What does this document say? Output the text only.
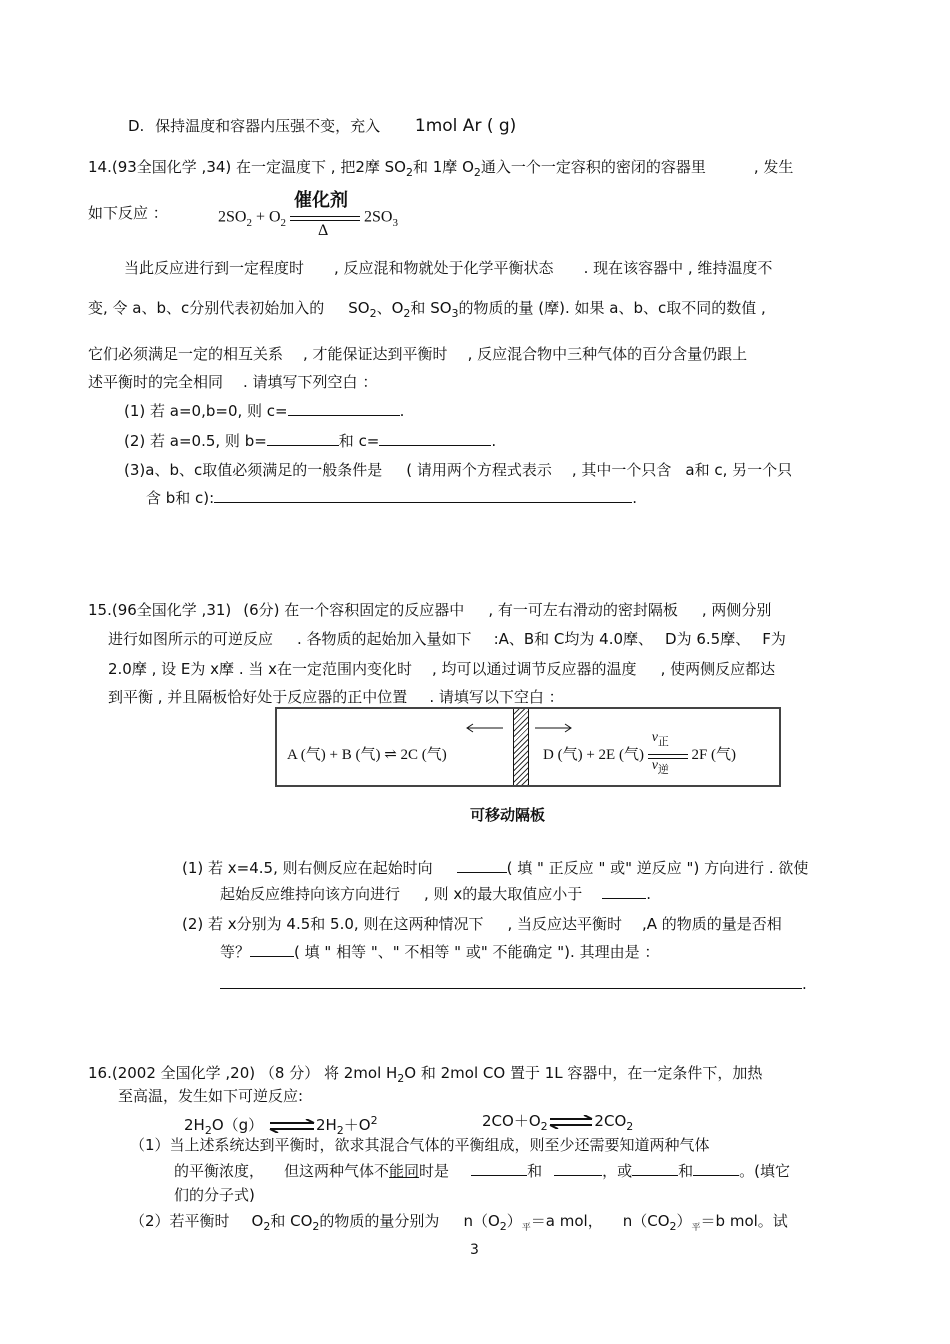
D. 保持温度和容器内压强不变，充入 1mol Ar ( g)
14.(93全国化学 ,34) 在一定温度下 , 把2摩 $SO_2$和 1摩 $O_2$通入一个一定容积的密闭的容器里	, 发生
如下反应 ：	$2SO_2 + O_2$
催化剂
Δ
$2SO_3$
当此反应进行到一定程度时 , 反应混和物就处于化学平衡状态 . 现在该容器中 , 维持温度不
变, 令 a、b、c分别代表初始加入的 $SO_2$、$O_2$和 $SO_3$的物质的量 (摩). 如果 a、b、c取不同的数值 ,
它们必须满足一定的相互关系 , 才能保证达到平衡时 , 反应混合物中三种气体的百分含量仍跟上
述平衡时的完全相同 . 请填写下列空白 ：
(1) 若 a=0,b=0, 则 c=	.
(2) 若 a=0.5, 则 b=	和 c=	.
(3)a、b、c取值必须满足的一般条件是 ( 请用两个方程式表示 , 其中一个只含 a和 c, 另一个只
含 b和 c):	.
15.(96全国化学 ,31) (6分) 在一个容积固定的反应器中 , 有一可左右滑动的密封隔板 , 两侧分别
进行如图所示的可逆反应 . 各物质的起始加入量如下 :A、B和 C均为 4.0摩、 D为 6.5摩、 F为
2.0摩 , 设 E为 x摩 . 当 x在一定范围内变化时 , 均可以通过调节反应器的温度 , 使两侧反应都达
到平衡 , 并且隔板恰好处于反应器的正中位置 . 请填写以下空白 ：
A (气) + B (气) ⇌ 2C (气)	D (气) + 2E (气)
$v_正$
$v_逆$
2F (气)
可移动隔板
(1) 若 x=4.5, 则右侧反应在起始时向	( 填 " 正反应 " 或" 逆反应 ") 方向进行 . 欲使
起始反应维持向该方向进行 , 则 x的最大取值应小于	.
(2) 若 x分别为 4.5和 5.0, 则在这两种情况下 , 当反应达平衡时 ,A 的物质的量是否相
等？	( 填 " 相等 "、" 不相等 " 或" 不能确定 "). 其理由是 ：
.
16.(2002 全国化学 ,20) （8 分） 将 2mol $H_2O$ 和 2mol CO 置于 1L 容器中，在一定条件下，加热
至高温，发生如下可逆反应:
$2H_2O(g)$ $\rightleftharpoons 2H_2+O_2$	$2CO+O_2\rightleftharpoons 2CO_2$
（1）当上述系统达到平衡时，欲求其混合气体的平衡组成，则至少还需要知道两种气体
的平衡浓度， 但这两种气体不能同时是	和	，或	和	。(填它
们的分子式)
（2）若平衡时 $O_2$和 $CO_2$的物质的量分别为 $n(O_2)_平=a$ mol， $n(CO_2)_平=b$ mol。试
3
